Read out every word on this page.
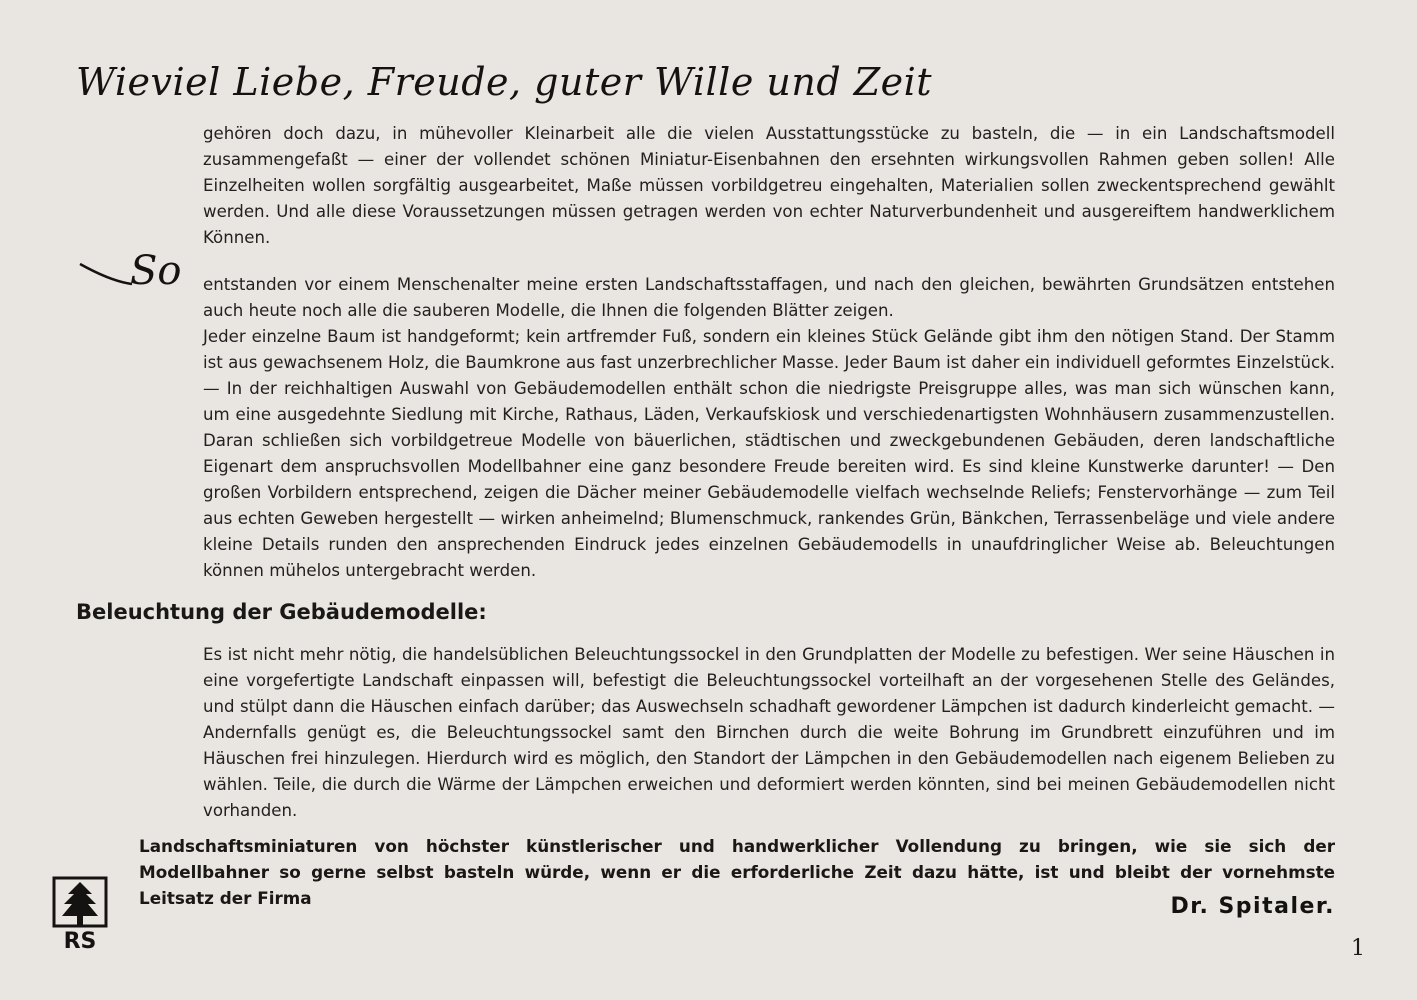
Wieviel Liebe, Freude, guter Wille und Zeit
gehören doch dazu, in mühevoller Kleinarbeit alle die vielen Ausstattungsstücke zu basteln, die — in ein Landschaftsmodell zusammengefaßt — einer der vollendet schönen Miniatur-Eisenbahnen den ersehnten wirkungsvollen Rahmen geben sollen! Alle Einzelheiten wollen sorgfältig ausgearbeitet, Maße müssen vorbildgetreu eingehalten, Materialien sollen zweckentsprechend gewählt werden. Und alle diese Voraussetzungen müssen getragen werden von echter Naturverbundenheit und ausgereiftem handwerklichem Können.
So entstanden vor einem Menschenalter meine ersten Landschaftsstaffagen, und nach den gleichen, bewährten Grundsätzen entstehen auch heute noch alle die sauberen Modelle, die Ihnen die folgenden Blätter zeigen.
Jeder einzelne Baum ist handgeformt; kein artfremder Fuß, sondern ein kleines Stück Gelände gibt ihm den nötigen Stand. Der Stamm ist aus gewachsenem Holz, die Baumkrone aus fast unzerbrechlicher Masse. Jeder Baum ist daher ein individuell geformtes Einzelstück. — In der reichhaltigen Auswahl von Gebäudemodellen enthält schon die niedrigste Preisgruppe alles, was man sich wünschen kann, um eine ausgedehnte Siedlung mit Kirche, Rathaus, Läden, Verkaufskiosk und verschiedenartigsten Wohnhäusern zusammenzustellen. Daran schließen sich vorbildgetreue Modelle von bäuerlichen, städtischen und zweckgebundenen Gebäuden, deren landschaftliche Eigenart dem anspruchsvollen Modellbahner eine ganz besondere Freude bereiten wird. Es sind kleine Kunstwerke darunter! — Den großen Vorbildern entsprechend, zeigen die Dächer meiner Gebäudemodelle vielfach wechselnde Reliefs; Fenstervorhänge — zum Teil aus echten Geweben hergestellt — wirken anheimelnd; Blumenschmuck, rankendes Grün, Bänkchen, Terrassenbeläge und viele andere kleine Details runden den ansprechenden Eindruck jedes einzelnen Gebäudemodells in unaufdringlicher Weise ab. Beleuchtungen können mühelos untergebracht werden.
Beleuchtung der Gebäudemodelle:
Es ist nicht mehr nötig, die handelsüblichen Beleuchtungssockel in den Grundplatten der Modelle zu befestigen. Wer seine Häuschen in eine vorgefertigte Landschaft einpassen will, befestigt die Beleuchtungssockel vorteilhaft an der vorgesehenen Stelle des Geländes, und stülpt dann die Häuschen einfach darüber; das Auswechseln schadhaft gewordener Lämpchen ist dadurch kinderleicht gemacht. — Andernfalls genügt es, die Beleuchtungssockel samt den Birnchen durch die weite Bohrung im Grundbrett einzuführen und im Häuschen frei hinzulegen. Hierdurch wird es möglich, den Standort der Lämpchen in den Gebäudemodellen nach eigenem Belieben zu wählen. Teile, die durch die Wärme der Lämpchen erweichen und deformiert werden könnten, sind bei meinen Gebäudemodellen nicht vorhanden.
Landschaftsminiaturen von höchster künstlerischer und handwerklicher Vollendung zu bringen, wie sie sich der Modellbahner so gerne selbst basteln würde, wenn er die erforderliche Zeit dazu hätte, ist und bleibt der vornehmste Leitsatz der Firma	Dr. Spitaler.
RS	1
